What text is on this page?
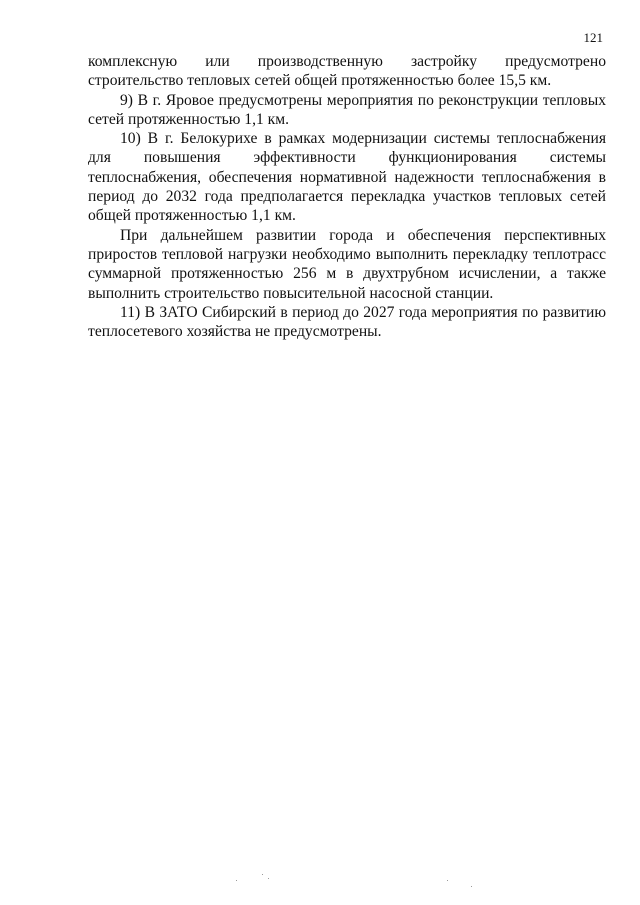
121

комплексную или производственную застройку предусмотрено строительство тепловых сетей общей протяженностью более 15,5 км.

9) В г. Яровое предусмотрены мероприятия по реконструкции тепловых сетей протяженностью 1,1 км.

10) В г. Белокурихе в рамках модернизации системы теплоснабжения для повышения эффективности функционирования системы теплоснабжения, обеспечения нормативной надежности теплоснабжения в период до 2032 года предполагается перекладка участков тепловых сетей общей протяженностью 1,1 км.

При дальнейшем развитии города и обеспечения перспективных приростов тепловой нагрузки необходимо выполнить перекладку теплотрасс суммарной протяженностью 256 м в двухтрубном исчислении, а также выполнить строительство повысительной насосной станции.

11) В ЗАТО Сибирский в период до 2027 года мероприятия по развитию теплосетевого хозяйства не предусмотрены.
